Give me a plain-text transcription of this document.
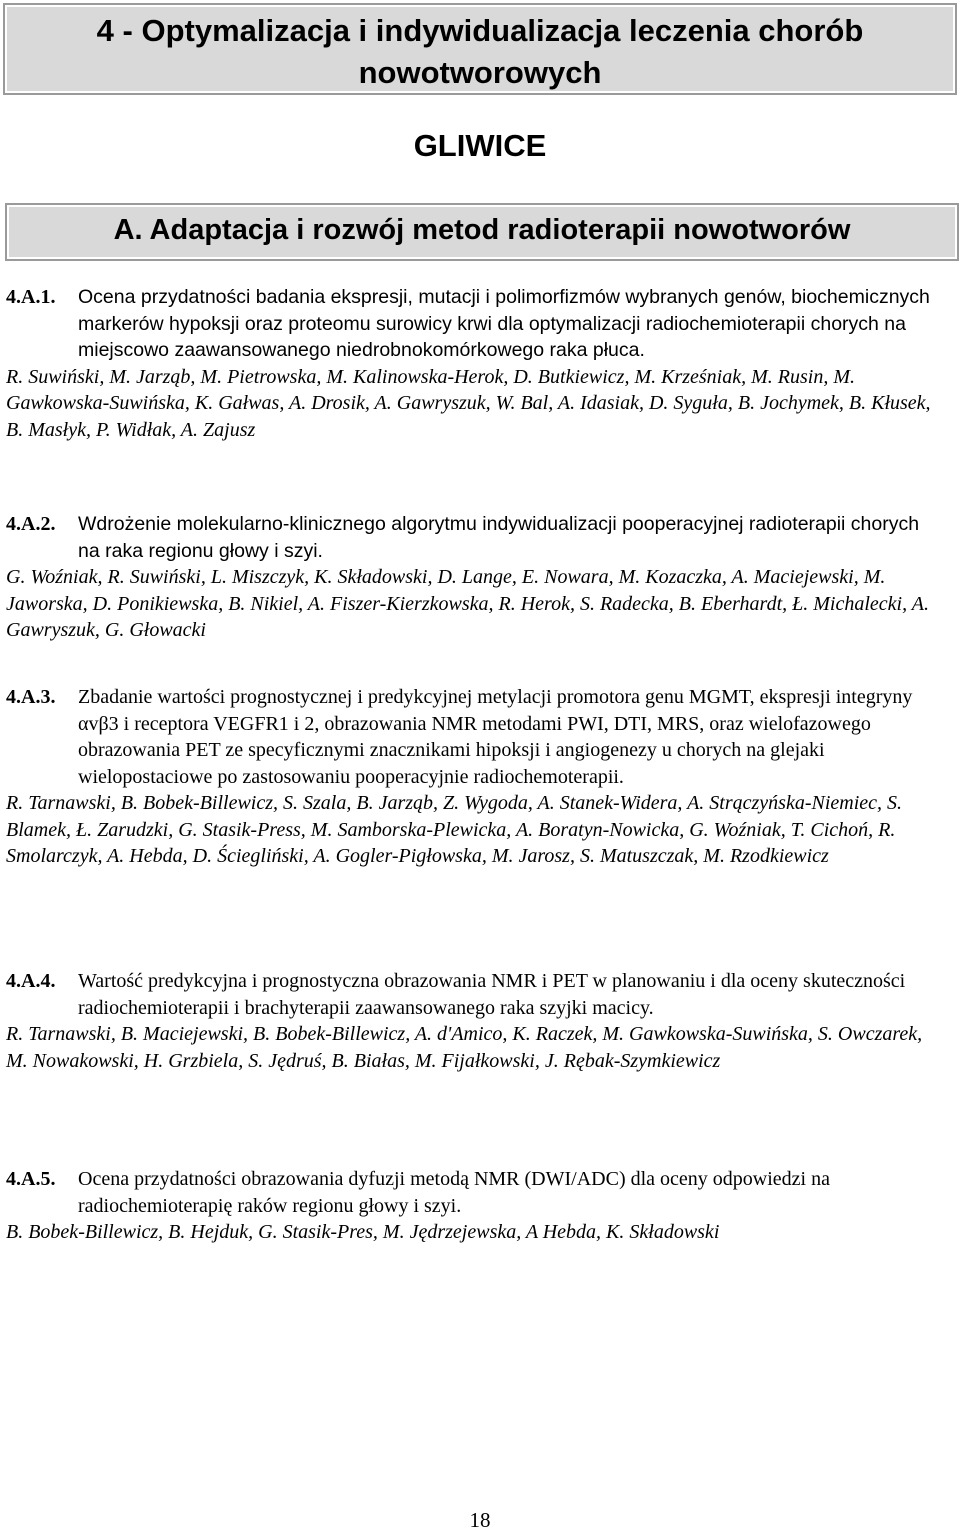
4 - Optymalizacja i indywidualizacja leczenia chorób nowotworowych
GLIWICE
A. Adaptacja i rozwój metod radioterapii nowotworów
4.A.1. Ocena przydatności badania ekspresji, mutacji i polimorfizmów wybranych genów, biochemicznych markerów hypoksji oraz proteomu surowicy krwi dla optymalizacji radiochemioterapii chorych na miejscowo zaawansowanego niedrobnokomórkowego raka płuca.
R. Suwiński, M. Jarząb, M. Pietrowska, M. Kalinowska-Herok, D. Butkiewicz, M. Krześniak, M. Rusin, M. Gawkowska-Suwińska, K. Gałwas, A. Drosik, A. Gawryszuk, W. Bal, A. Idasiak, D. Syguła, B. Jochymek, B. Kłusek, B. Masłyk, P. Widłak, A. Zajusz
4.A.2. Wdrożenie molekularno-klinicznego algorytmu indywidualizacji pooperacyjnej radioterapii chorych na raka regionu głowy i szyi.
G. Woźniak, R. Suwiński, L. Miszczyk, K. Składowski, D. Lange, E. Nowara, M. Kozaczka, A. Maciejewski, M. Jaworska, D. Ponikiewska, B. Nikiel, A. Fiszer-Kierzkowska, R. Herok, S. Radecka, B. Eberhardt, Ł. Michalecki, A. Gawryszuk, G. Głowacki
4.A.3. Zbadanie wartości prognostycznej i predykcyjnej metylacji promotora genu MGMT, ekspresji integryny αvβ3 i receptora VEGFR1 i 2, obrazowania NMR metodami PWI, DTI, MRS, oraz wielofazowego obrazowania PET ze specyficznymi znacznikami hipoksji i angiogenezy u chorych na glejaki wielopostaciowe po zastosowaniu pooperacyjnie radiochemoterapii.
R. Tarnawski, B. Bobek-Billewicz, S. Szala, B. Jarząb, Z. Wygoda, A. Stanek-Widera, A. Strączyńska-Niemiec, S. Blamek, Ł. Zarudzki, G. Stasik-Press, M. Samborska-Plewicka, A. Boratyn-Nowicka, G. Woźniak, T. Cichoń, R. Smolarczyk, A. Hebda, D. Ściegliński, A. Gogler-Pigłowska, M. Jarosz, S. Matuszczak, M. Rzodkiewicz
4.A.4. Wartość predykcyjna i prognostyczna obrazowania NMR i PET w planowaniu i dla oceny skuteczności radiochemioterapii i brachyterapii zaawansowanego raka szyjki macicy.
R. Tarnawski, B. Maciejewski, B. Bobek-Billewicz, A. d'Amico, K. Raczek, M. Gawkowska-Suwińska, S. Owczarek, M. Nowakowski, H. Grzbiela, S. Jędruś, B. Białas, M. Fijałkowski, J. Rębak-Szymkiewicz
4.A.5. Ocena przydatności obrazowania dyfuzji metodą NMR (DWI/ADC) dla oceny odpowiedzi na radiochemioterapię raków regionu głowy i szyi.
B. Bobek-Billewicz, B. Hejduk, G. Stasik-Pres, M. Jędrzejewska, A Hebda, K. Składowski
18
